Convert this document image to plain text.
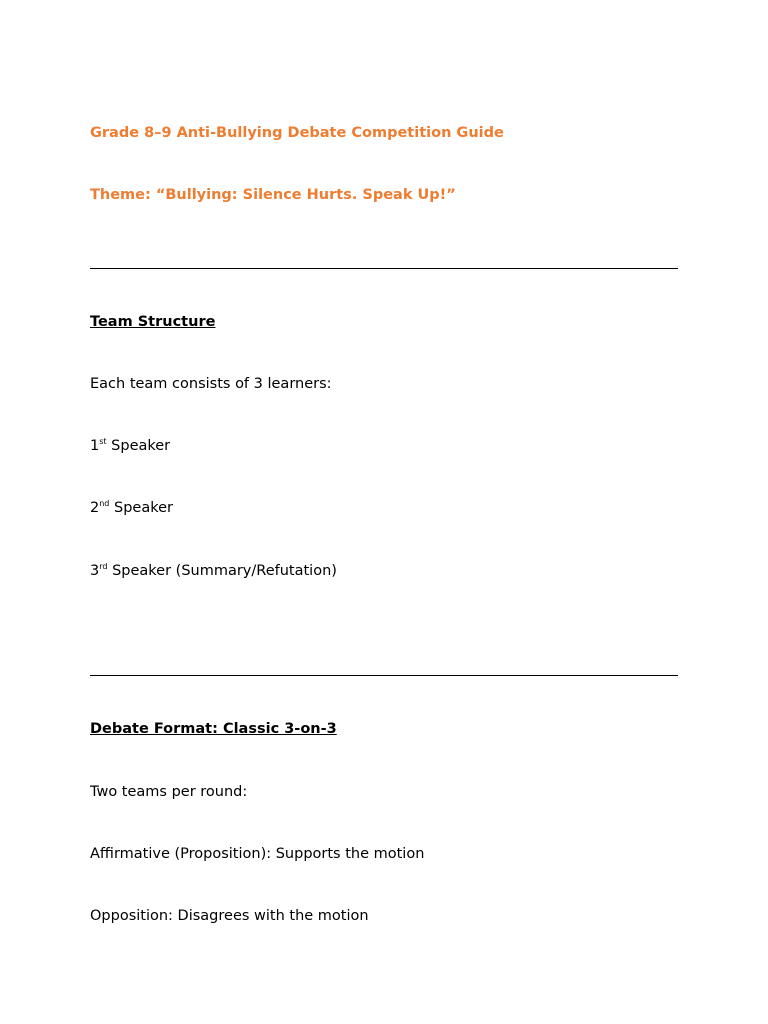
Grade 8–9 Anti-Bullying Debate Competition Guide
Theme: “Bullying: Silence Hurts. Speak Up!”
Team Structure
Each team consists of 3 learners:
1st Speaker
2nd Speaker
3rd Speaker (Summary/Refutation)
Debate Format: Classic 3-on-3
Two teams per round:
Affirmative (Proposition): Supports the motion
Opposition: Disagrees with the motion
